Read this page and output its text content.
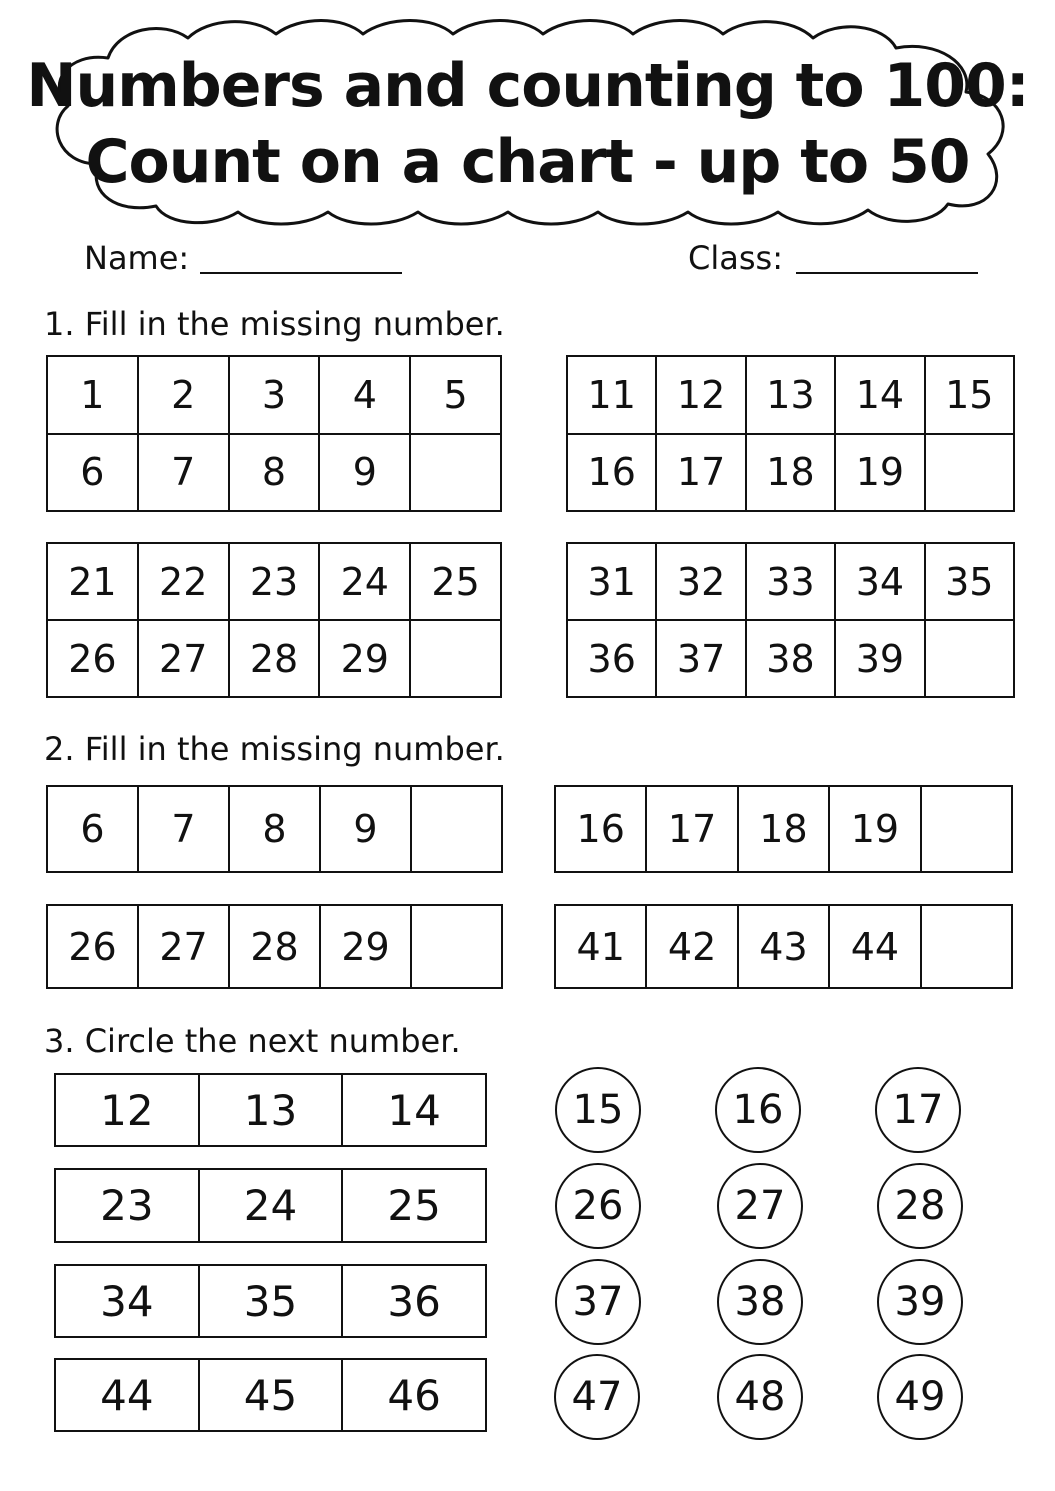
Numbers and counting to 100:
Count on a chart - up to 50
Name:	Class:
1. Fill in the missing number.
1	2	3	4	5
6	7	8	9	
11	12	13	14	15
16	17	18	19	
21	22	23	24	25
26	27	28	29	
31	32	33	34	35
36	37	38	39	
2. Fill in the missing number.
6	7	8	9		16	17	18	19	
26	27	28	29		41	42	43	44	
3. Circle the next number.
12	13	14
23	24	25
34	35	36
44	45	46
15	16	17
26	27	28
37	38	39
47	48	49
